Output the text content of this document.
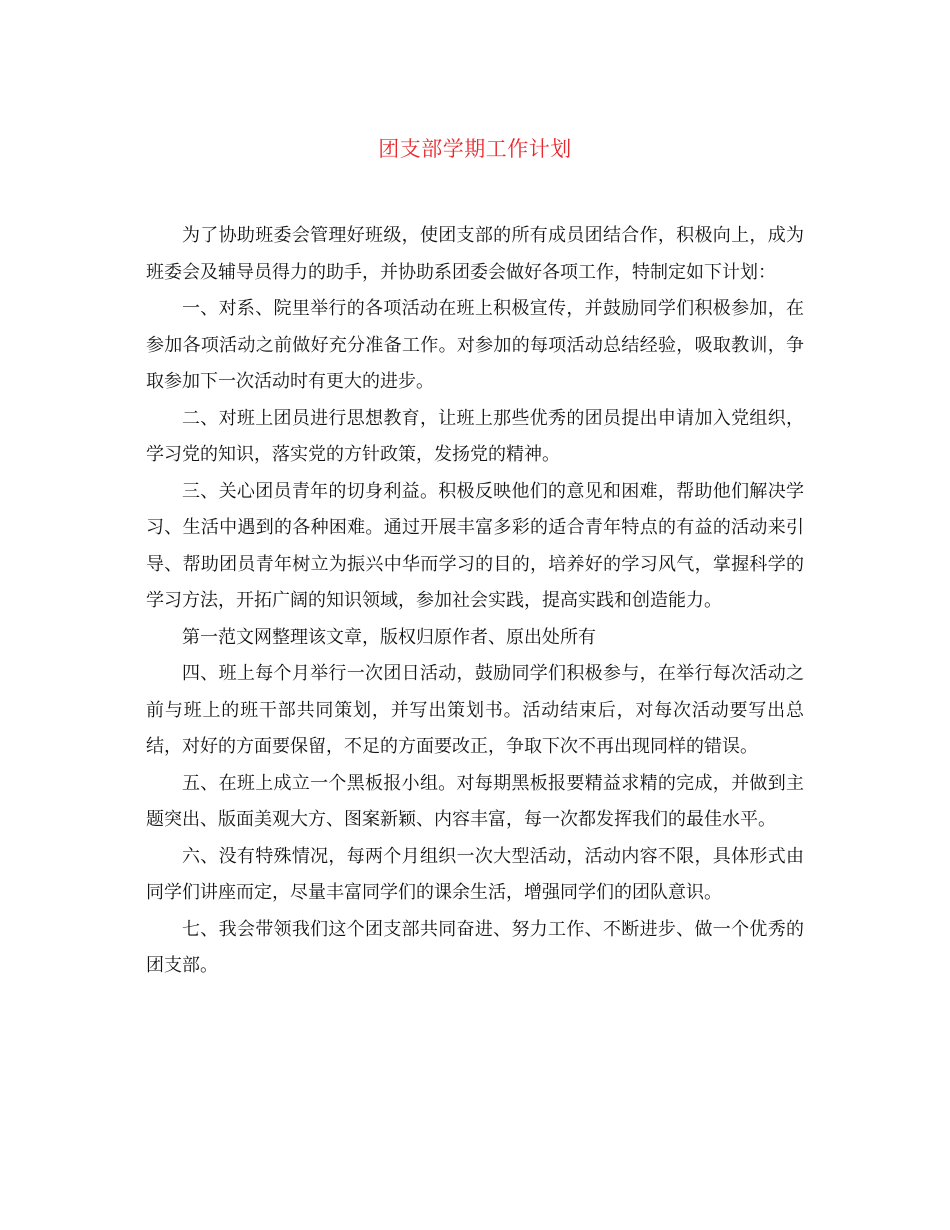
团支部学期工作计划

为了协助班委会管理好班级，使团支部的所有成员团结合作，积极向上，成为班委会及辅导员得力的助手，并协助系团委会做好各项工作，特制定如下计划：

一、对系、院里举行的各项活动在班上积极宣传，并鼓励同学们积极参加，在参加各项活动之前做好充分准备工作。对参加的每项活动总结经验，吸取教训，争取参加下一次活动时有更大的进步。

二、对班上团员进行思想教育，让班上那些优秀的团员提出申请加入党组织，学习党的知识，落实党的方针政策，发扬党的精神。

三、关心团员青年的切身利益。积极反映他们的意见和困难，帮助他们解决学习、生活中遇到的各种困难。通过开展丰富多彩的适合青年特点的有益的活动来引导、帮助团员青年树立为振兴中华而学习的目的，培养好的学习风气，掌握科学的学习方法，开拓广阔的知识领域，参加社会实践，提高实践和创造能力。

第一范文网整理该文章，版权归原作者、原出处所有

四、班上每个月举行一次团日活动，鼓励同学们积极参与，在举行每次活动之前与班上的班干部共同策划，并写出策划书。活动结束后，对每次活动要写出总结，对好的方面要保留，不足的方面要改正，争取下次不再出现同样的错误。

五、在班上成立一个黑板报小组。对每期黑板报要精益求精的完成，并做到主题突出、版面美观大方、图案新颖、内容丰富，每一次都发挥我们的最佳水平。

六、没有特殊情况，每两个月组织一次大型活动，活动内容不限，具体形式由同学们讲座而定，尽量丰富同学们的课余生活，增强同学们的团队意识。

七、我会带领我们这个团支部共同奋进、努力工作、不断进步、做一个优秀的团支部。
